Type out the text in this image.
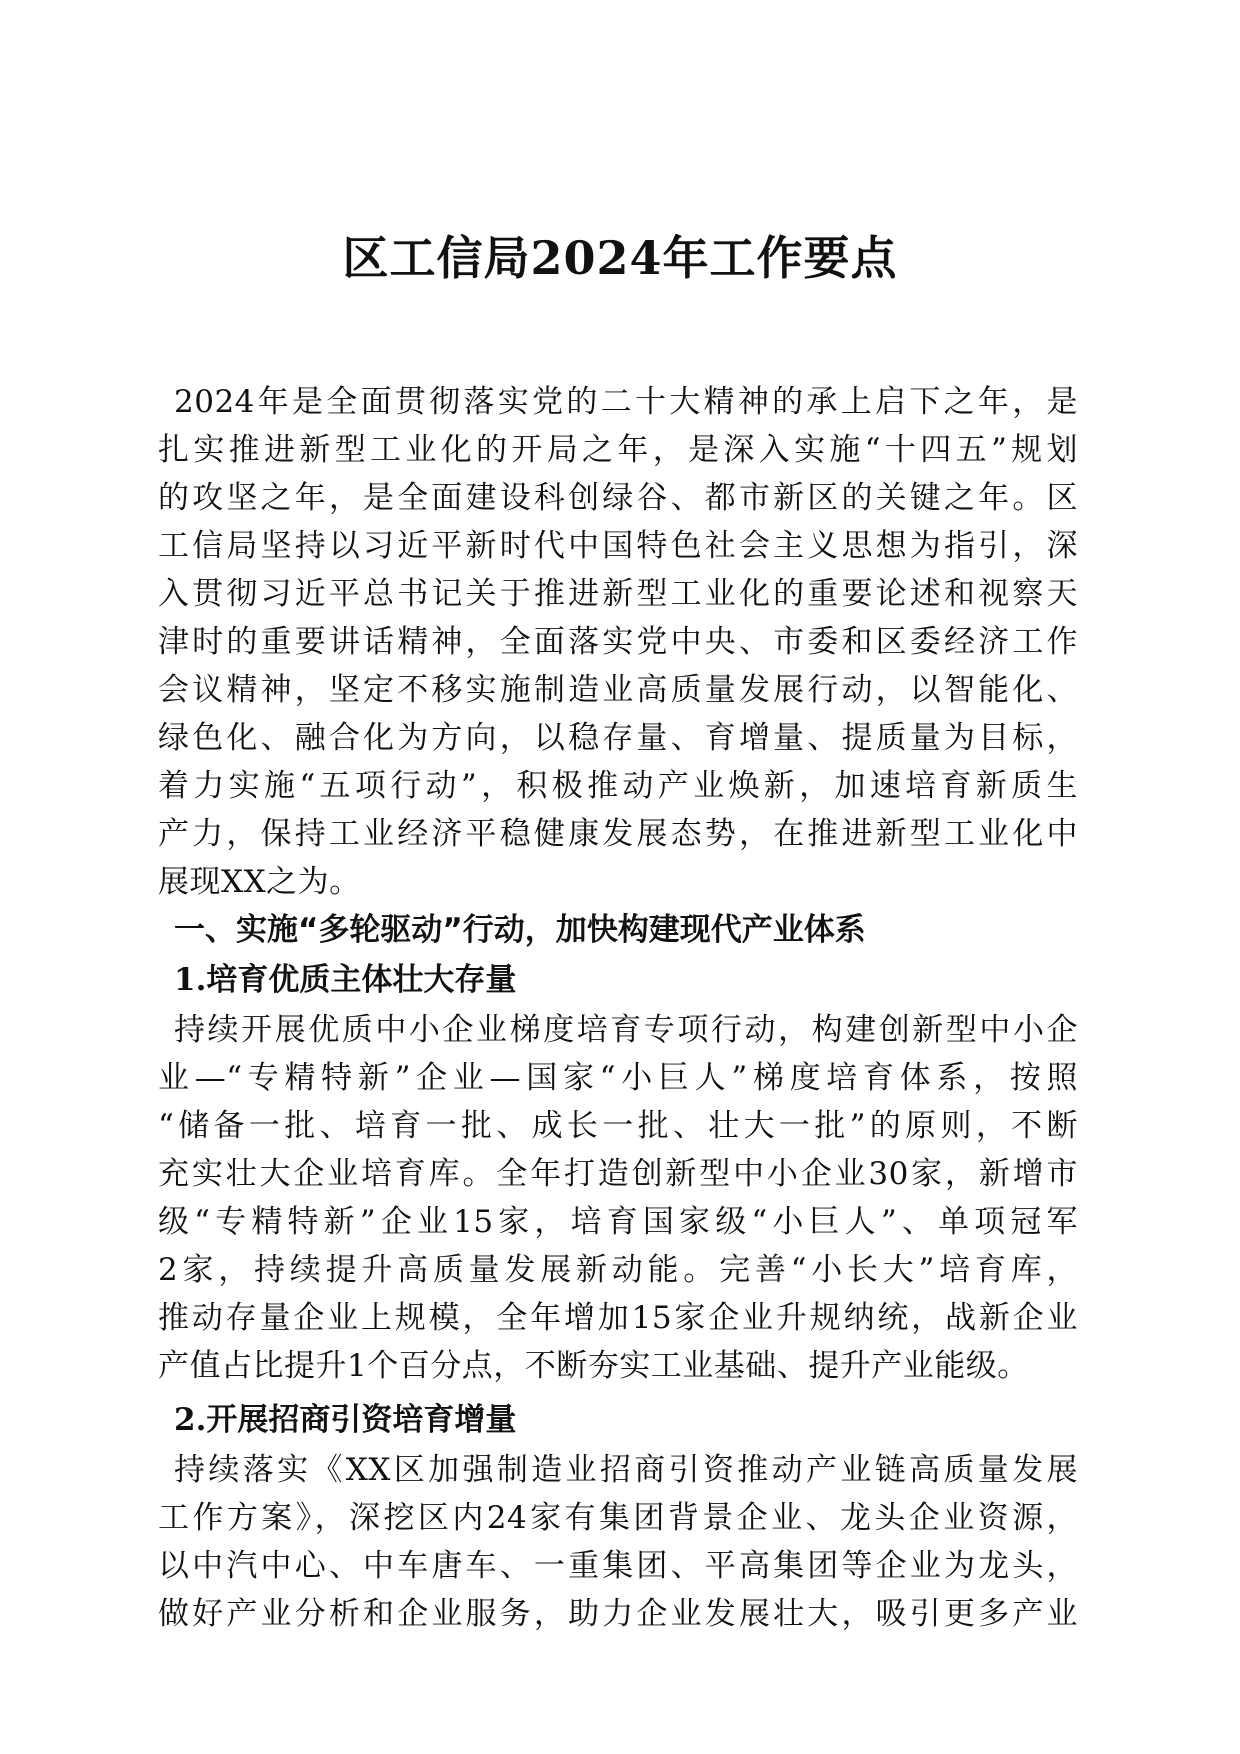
区工信局2024年工作要点
2024年是全面贯彻落实党的二十大精神的承上启下之年，是
扎实推进新型工业化的开局之年，是深入实施“十四五”规划
的攻坚之年，是全面建设科创绿谷、都市新区的关键之年。区
工信局坚持以习近平新时代中国特色社会主义思想为指引，深
入贯彻习近平总书记关于推进新型工业化的重要论述和视察天
津时的重要讲话精神，全面落实党中央、市委和区委经济工作
会议精神，坚定不移实施制造业高质量发展行动，以智能化、
绿色化、融合化为方向，以稳存量、育增量、提质量为目标，
着力实施“五项行动”，积极推动产业焕新，加速培育新质生
产力，保持工业经济平稳健康发展态势，在推进新型工业化中
展现XX之为。
一、实施“多轮驱动”行动，加快构建现代产业体系
1.培育优质主体壮大存量
持续开展优质中小企业梯度培育专项行动，构建创新型中小企
业—“专精特新”企业—国家“小巨人”梯度培育体系，按照
“储备一批、培育一批、成长一批、壮大一批”的原则，不断
充实壮大企业培育库。全年打造创新型中小企业30家，新增市
级“专精特新”企业15家，培育国家级“小巨人”、单项冠军
2家，持续提升高质量发展新动能。完善“小长大”培育库，
推动存量企业上规模，全年增加15家企业升规纳统，战新企业
产值占比提升1个百分点，不断夯实工业基础、提升产业能级。
2.开展招商引资培育增量
持续落实《XX区加强制造业招商引资推动产业链高质量发展
工作方案》，深挖区内24家有集团背景企业、龙头企业资源，
以中汽中心、中车唐车、一重集团、平高集团等企业为龙头，
做好产业分析和企业服务，助力企业发展壮大，吸引更多产业
